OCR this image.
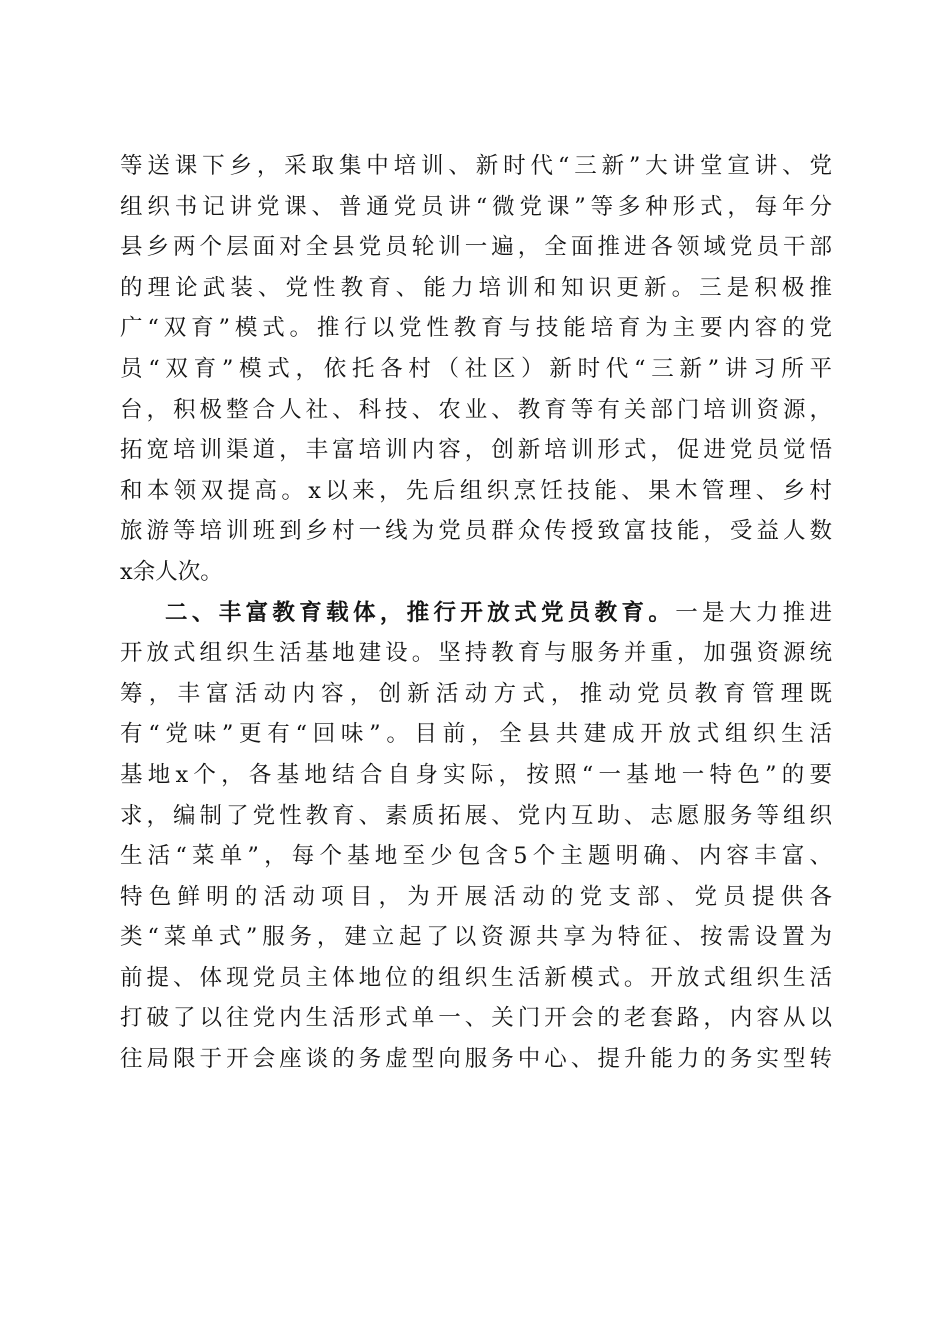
等送课下乡，采取集中培训、新时代“三新”大讲堂宣讲、党
组织书记讲党课、普通党员讲“微党课”等多种形式，每年分
县乡两个层面对全县党员轮训一遍，全面推进各领域党员干部
的理论武装、党性教育、能力培训和知识更新。三是积极推
广“双育”模式。推行以党性教育与技能培育为主要内容的党
员“双育”模式，依托各村（社区）新时代“三新”讲习所平
台，积极整合人社、科技、农业、教育等有关部门培训资源，
拓宽培训渠道，丰富培训内容，创新培训形式，促进党员觉悟
和本领双提高。x以来，先后组织烹饪技能、果木管理、乡村
旅游等培训班到乡村一线为党员群众传授致富技能，受益人数
x余人次。
二、丰富教育载体，推行开放式党员教育。一是大力推进
开放式组织生活基地建设。坚持教育与服务并重，加强资源统
筹，丰富活动内容，创新活动方式，推动党员教育管理既
有“党味”更有“回味”。目前，全县共建成开放式组织生活
基地x个，各基地结合自身实际，按照“一基地一特色”的要
求，编制了党性教育、素质拓展、党内互助、志愿服务等组织
生活“菜单”，每个基地至少包含5个主题明确、内容丰富、
特色鲜明的活动项目，为开展活动的党支部、党员提供各
类“菜单式”服务，建立起了以资源共享为特征、按需设置为
前提、体现党员主体地位的组织生活新模式。开放式组织生活
打破了以往党内生活形式单一、关门开会的老套路，内容从以
往局限于开会座谈的务虚型向服务中心、提升能力的务实型转
